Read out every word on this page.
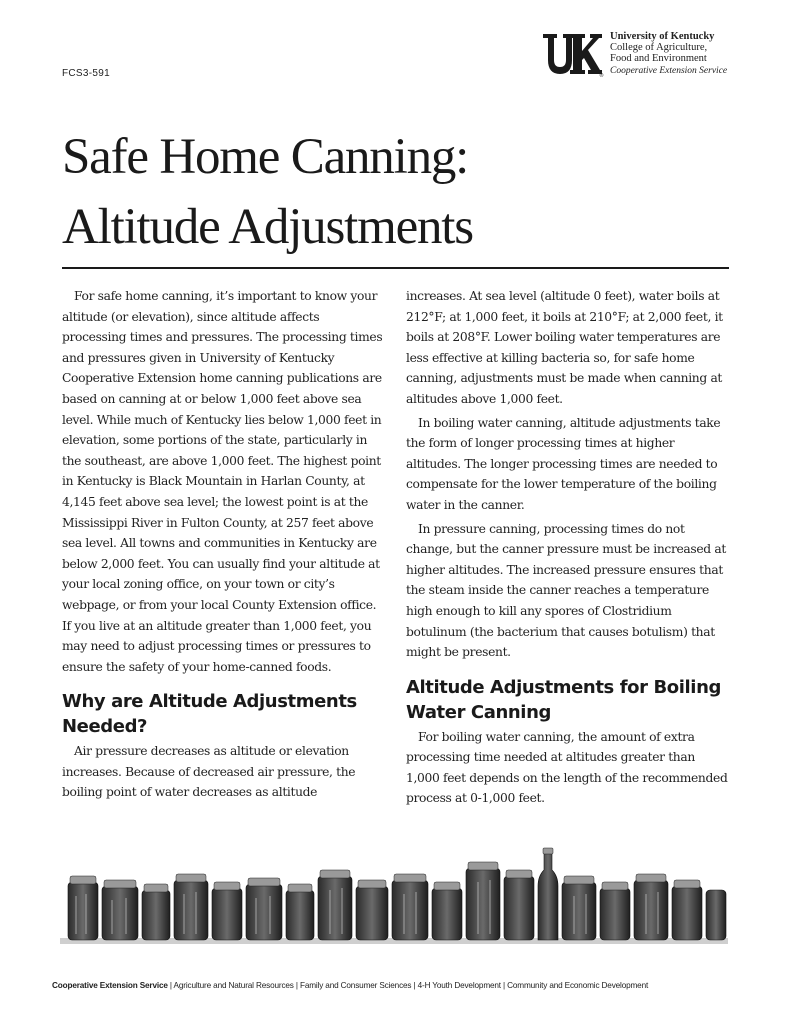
FCS3-591	®
University of Kentucky
College of Agriculture,
Food and Environment
Cooperative Extension Service
Safe Home Canning:
Altitude Adjustments

For safe home canning, it’s important to know your altitude (or elevation), since altitude affects processing times and pressures. The processing times and pressures given in University of Kentucky Cooperative Extension home canning publications are based on canning at or below 1,000 feet above sea level. While much of Kentucky lies below 1,000 feet in elevation, some portions of the state, particularly in the southeast, are above 1,000 feet. The highest point in Kentucky is Black Mountain in Harlan County, at 4,145 feet above sea level; the lowest point is at the Mississippi River in Fulton County, at 257 feet above sea level. All towns and communities in Kentucky are below 2,000 feet. You can usually find your altitude at your local zoning office, on your town or city’s webpage, or from your local County Extension office. If you live at an altitude greater than 1,000 feet, you may need to adjust processing times or pressures to ensure the safety of your home-canned foods.

Why are Altitude Adjustments Needed?

Air pressure decreases as altitude or elevation increases. Because of decreased air pressure, the boiling point of water decreases as altitude

increases. At sea level (altitude 0 feet), water boils at 212°F; at 1,000 feet, it boils at 210°F; at 2,000 feet, it boils at 208°F. Lower boiling water temperatures are less effective at killing bacteria so, for safe home canning, adjustments must be made when canning at altitudes above 1,000 feet.

In boiling water canning, altitude adjustments take the form of longer processing times at higher altitudes. The longer processing times are needed to compensate for the lower temperature of the boiling water in the canner.

In pressure canning, processing times do not change, but the canner pressure must be increased at higher altitudes. The increased pressure ensures that the steam inside the canner reaches a temperature high enough to kill any spores of Clostridium botulinum (the bacterium that causes botulism) that might be present.

Altitude Adjustments for Boiling Water Canning

For boiling water canning, the amount of extra processing time needed at altitudes greater than 1,000 feet depends on the length of the recommended process at 0-1,000 feet.

Cooperative Extension Service | Agriculture and Natural Resources | Family and Consumer Sciences | 4-H Youth Development | Community and Economic Development
